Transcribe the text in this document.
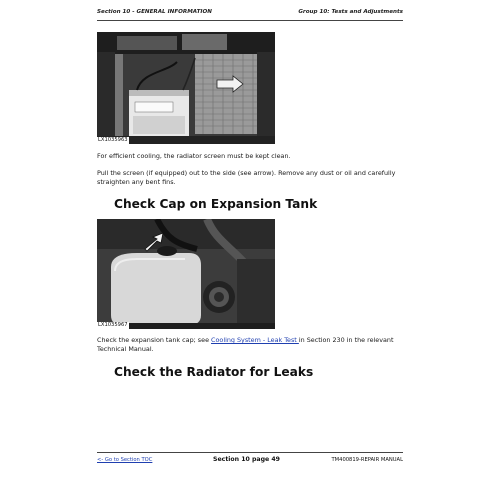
Section 10 - GENERAL INFORMATION	Group 10: Tests and Adjustments
LX1035963
For efficient cooling, the radiator screen must be kept clean.
Pull the screen (if equipped) out to the side (see arrow). Remove any dust or oil and carefully straighten any bent fins.
Check Cap on Expansion Tank
LX1035967
Check the expansion tank cap; see Cooling System - Leak Test in Section 230 in the relevant Technical Manual.
Check the Radiator for Leaks
<- Go to Section TOC	Section 10 page 49	TM400819-REPAIR MANUAL
